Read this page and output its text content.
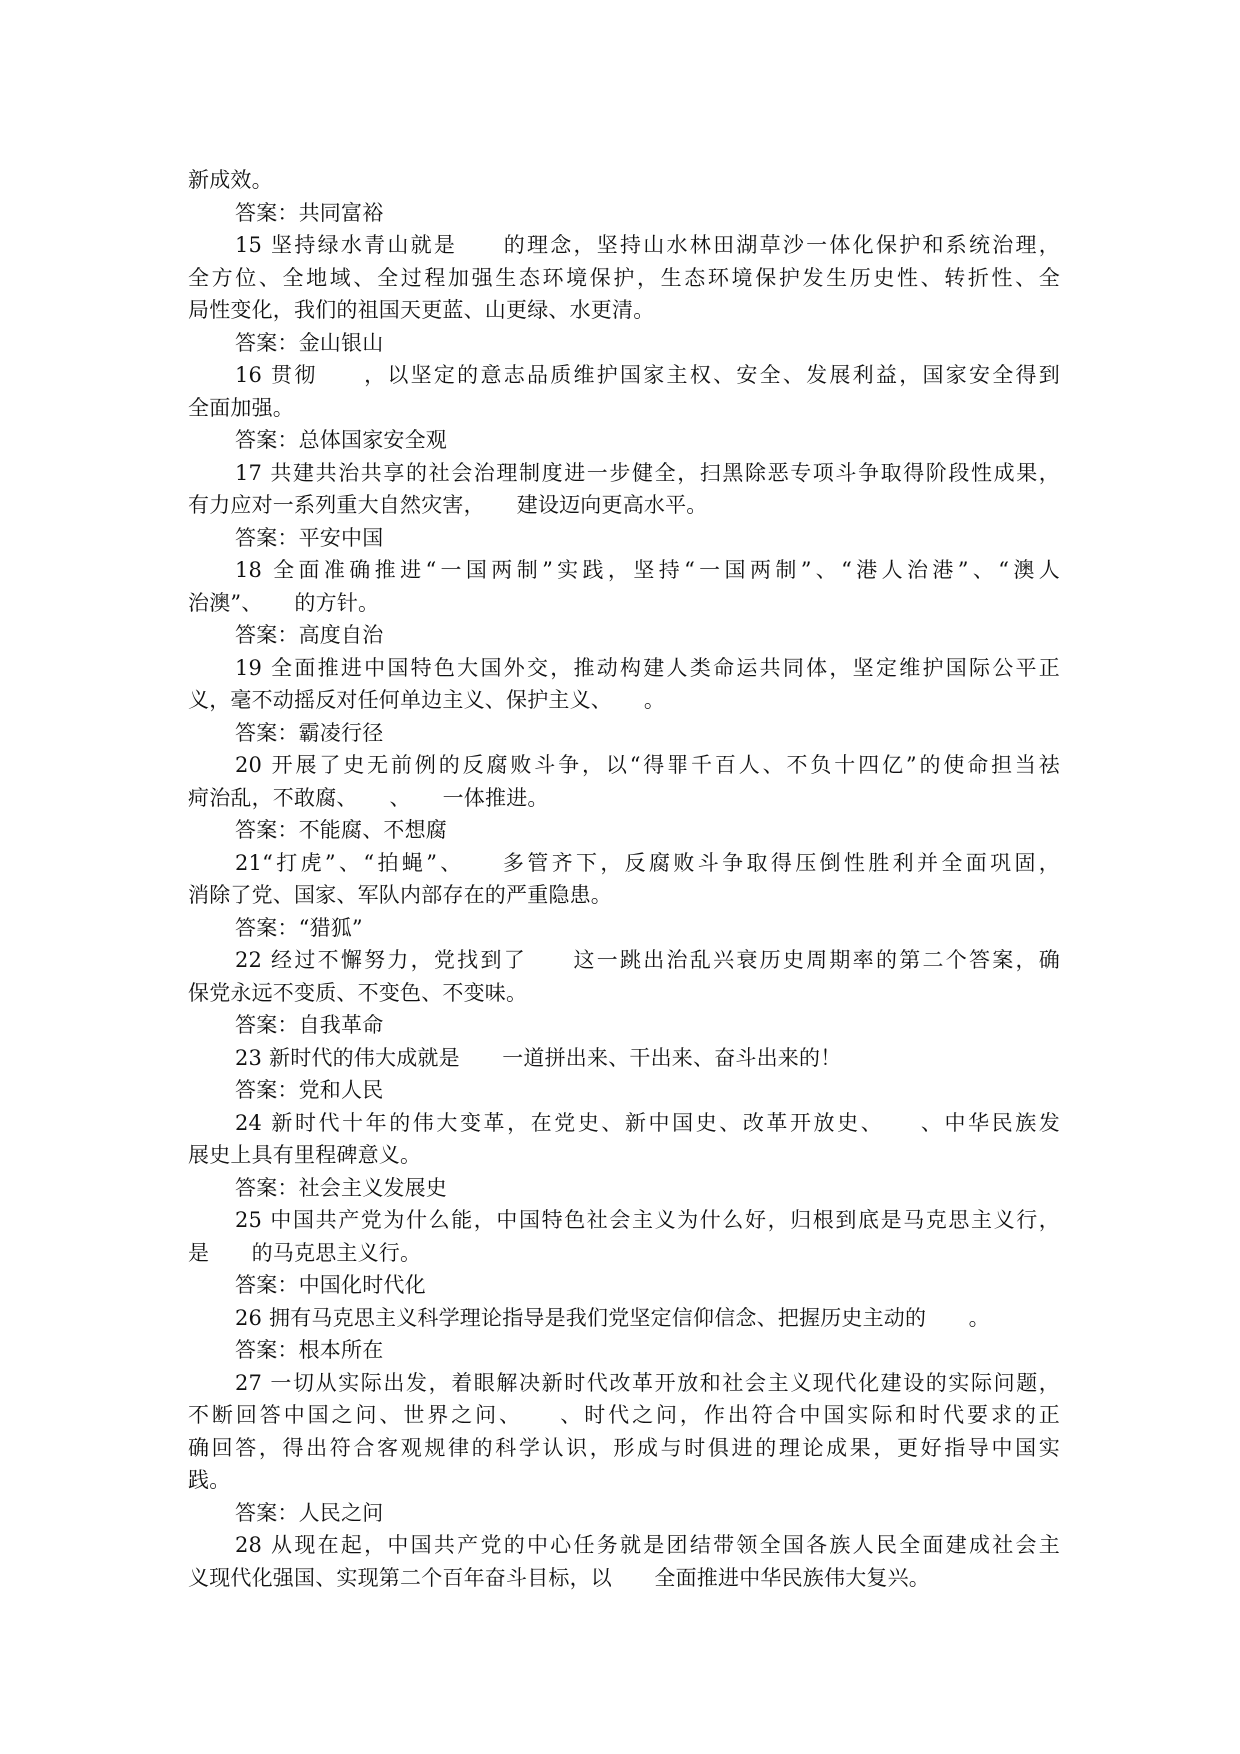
新成效。
答案：共同富裕
15 坚持绿水青山就是　　的理念，坚持山水林田湖草沙一体化保护和系统治理，
全方位、全地域、全过程加强生态环境保护，生态环境保护发生历史性、转折性、全
局性变化，我们的祖国天更蓝、山更绿、水更清。
答案：金山银山
16 贯彻　　，以坚定的意志品质维护国家主权、安全、发展利益，国家安全得到
全面加强。
答案：总体国家安全观
17 共建共治共享的社会治理制度进一步健全，扫黑除恶专项斗争取得阶段性成果，
有力应对一系列重大自然灾害，　　建设迈向更高水平。
答案：平安中国
18 全面准确推进“一国两制”实践，坚持“一国两制”、“港人治港”、“澳人
治澳”、　　的方针。
答案：高度自治
19 全面推进中国特色大国外交，推动构建人类命运共同体，坚定维护国际公平正
义，毫不动摇反对任何单边主义、保护主义、　　。
答案：霸凌行径
20 开展了史无前例的反腐败斗争，以“得罪千百人、不负十四亿”的使命担当祛
疴治乱，不敢腐、　　、　　一体推进。
答案：不能腐、不想腐
21“打虎”、“拍蝇”、　　多管齐下，反腐败斗争取得压倒性胜利并全面巩固，
消除了党、国家、军队内部存在的严重隐患。
答案：“猎狐”
22 经过不懈努力，党找到了　　这一跳出治乱兴衰历史周期率的第二个答案，确
保党永远不变质、不变色、不变味。
答案：自我革命
23 新时代的伟大成就是　　一道拼出来、干出来、奋斗出来的！
答案：党和人民
24 新时代十年的伟大变革，在党史、新中国史、改革开放史、　　、中华民族发
展史上具有里程碑意义。
答案：社会主义发展史
25 中国共产党为什么能，中国特色社会主义为什么好，归根到底是马克思主义行，
是　　的马克思主义行。
答案：中国化时代化
26 拥有马克思主义科学理论指导是我们党坚定信仰信念、把握历史主动的　　。
答案：根本所在
27 一切从实际出发，着眼解决新时代改革开放和社会主义现代化建设的实际问题，
不断回答中国之问、世界之问、　　、时代之问，作出符合中国实际和时代要求的正
确回答，得出符合客观规律的科学认识，形成与时俱进的理论成果，更好指导中国实
践。
答案：人民之问
28 从现在起，中国共产党的中心任务就是团结带领全国各族人民全面建成社会主
义现代化强国、实现第二个百年奋斗目标，以　　全面推进中华民族伟大复兴。
